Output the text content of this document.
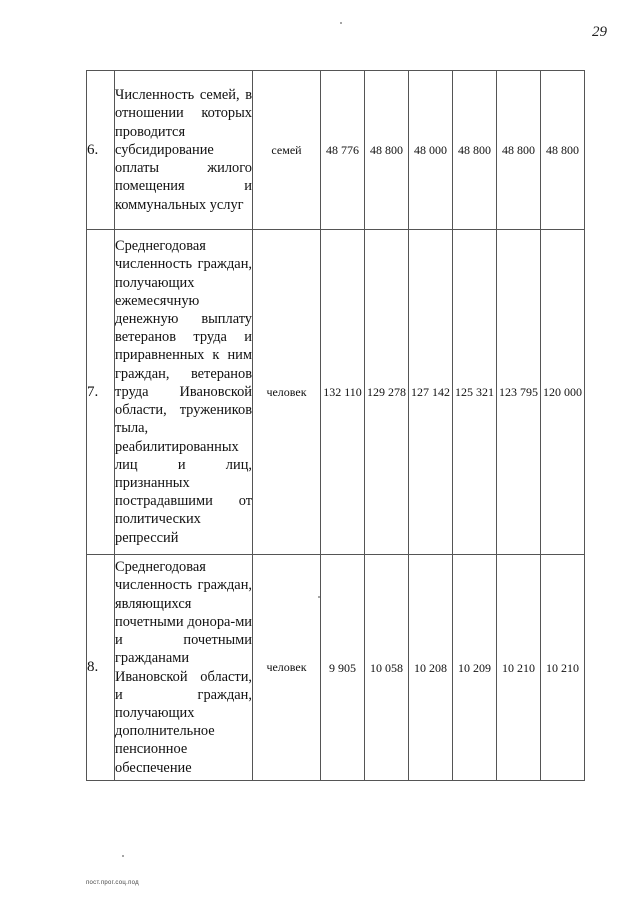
29
6.	Численность семей, в отношении которых проводится субсидирование оплаты жилого помещения и коммунальных услуг	семей	48 776	48 800	48 000	48 800	48 800	48 800
7.	Среднегодовая численность граждан, получающих ежемесячную денежную выплату ветеранов труда и приравненных к ним граждан, ветеранов труда Ивановской области, тружеников тыла, реабилитированных лиц и лиц, признанных пострадавшими от политических репрессий	человек	132 110	129 278	127 142	125 321	123 795	120 000
8.	Среднегодовая численность граждан, являющихся почетными донора-ми и почетными гражданами Ивановской области, и граждан, получающих дополнительное пенсионное обеспечение	человек	9 905	10 058	10 208	10 209	10 210	10 210
пост.прог.соц.под
